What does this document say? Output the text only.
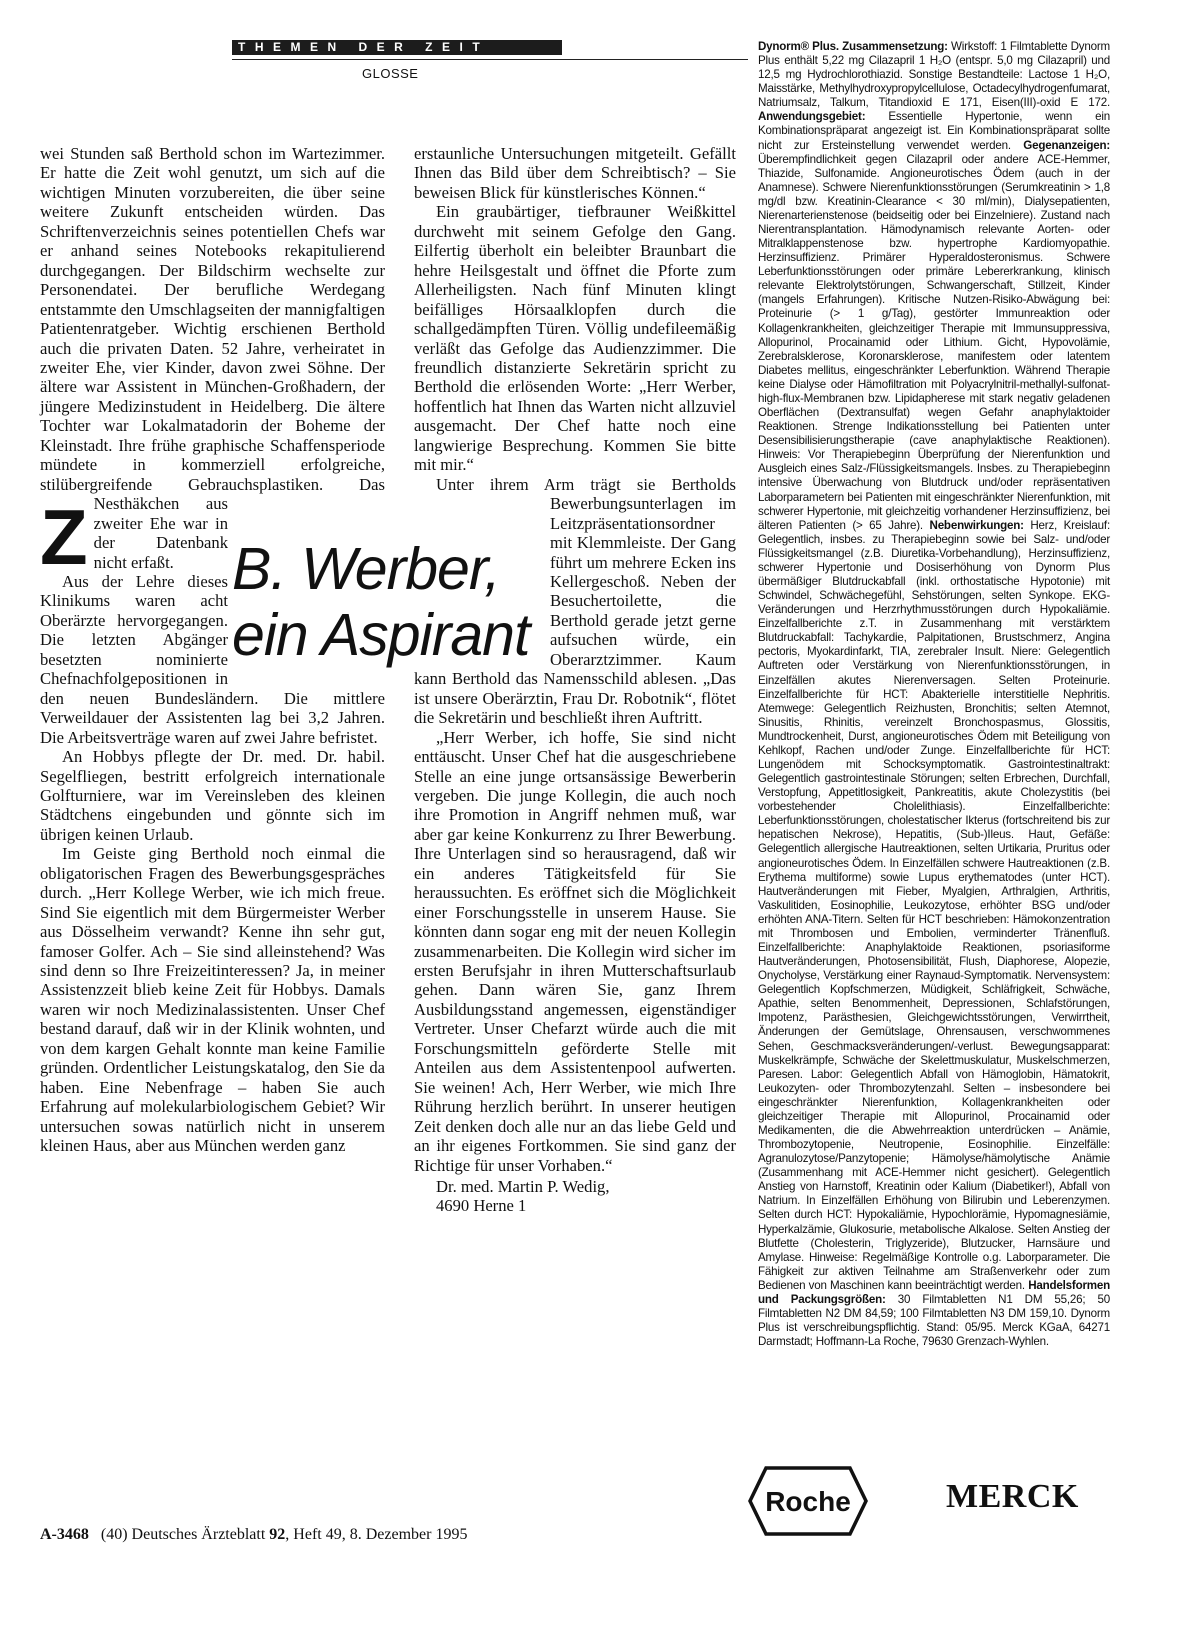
THEMEN DER ZEIT
GLOSSE

Z
wei Stunden saß Berthold schon im Wartezimmer. Er hatte die Zeit wohl genutzt, um sich auf die wichtigen Minuten vorzubereiten, die über seine weitere Zukunft entscheiden würden. Das Schriftenverzeichnis seines potentiellen Chefs war er anhand seines Notebooks rekapitulierend durchgegangen. Der Bildschirm wechselte zur Personendatei. Der berufliche Werdegang entstammte den Umschlagseiten der mannigfaltigen Patientenratgeber. Wichtig erschienen Berthold auch die privaten Daten. 52 Jahre, verheiratet in zweiter Ehe, vier Kinder, davon zwei Söhne. Der ältere war Assistent in München-Großhadern, der jüngere Medizinstudent in Heidelberg. Die ältere Tochter war Lokalmatadorin der Boheme der Kleinstadt. Ihre frühe graphische Schaffensperiode mündete in kommerziell erfolgreiche, stilübergreifende Gebrauchsplastiken. Das Nesthäkchen aus zweiter Ehe war in der Datenbank nicht erfaßt.

Aus der Lehre dieses Klinikums waren acht Oberärzte hervorgegangen. Die letzten Abgänger besetzten nominierte Chefnachfolgepositionen in den neuen Bundesländern. Die mittlere Verweildauer der Assistenten lag bei 3,2 Jahren. Die Arbeitsverträge waren auf zwei Jahre befristet.

An Hobbys pflegte der Dr. med. Dr. habil. Segelfliegen, bestritt erfolgreich internationale Golfturniere, war im Vereinsleben des kleinen Städtchens eingebunden und gönnte sich im übrigen keinen Urlaub.

Im Geiste ging Berthold noch einmal die obligatorischen Fragen des Bewerbungsgespräches durch. „Herr Kollege Werber, wie ich mich freue. Sind Sie eigentlich mit dem Bürgermeister Werber aus Dösselheim verwandt? Kenne ihn sehr gut, famoser Golfer. Ach – Sie sind alleinstehend? Was sind denn so Ihre Freizeitinteressen? Ja, in meiner Assistenzzeit blieb keine Zeit für Hobbys. Damals waren wir noch Medizinalassistenten. Unser Chef bestand darauf, daß wir in der Klinik wohnten, und von dem kargen Gehalt konnte man keine Familie gründen. Ordentlicher Leistungskatalog, den Sie da haben. Eine Nebenfrage – haben Sie auch Erfahrung auf molekularbiologischem Gebiet? Wir untersuchen sowas natürlich nicht in unserem kleinen Haus, aber aus München werden ganz

erstaunliche Untersuchungen mitgeteilt. Gefällt Ihnen das Bild über dem Schreibtisch? – Sie beweisen Blick für künstlerisches Können.“

Ein graubärtiger, tiefbrauner Weißkittel durchweht mit seinem Gefolge den Gang. Eilfertig überholt ein beleibter Braunbart die hehre Heilsgestalt und öffnet die Pforte zum Allerheiligsten. Nach fünf Minuten klingt beifälliges Hörsaalklopfen durch die schallgedämpften Türen. Völlig undefileemäßig verläßt das Gefolge das Audienzzimmer. Die freundlich distanzierte Sekretärin spricht zu Berthold die erlösenden Worte: „Herr Werber, hoffentlich hat Ihnen das Warten nicht allzuviel ausgemacht. Der Chef hatte noch eine langwierige Besprechung. Kommen Sie bitte mit mir.“

Unter ihrem Arm trägt sie Bertholds Bewerbungsunterlagen im Leitzpräsentationsordner mit Klemmleiste. Der Gang führt um mehrere Ecken ins Kellergeschoß. Neben der Besuchertoilette, die Berthold gerade jetzt gerne aufsuchen würde, ein Oberarztzimmer. Kaum kann Berthold das Namensschild ablesen. „Das ist unsere Oberärztin, Frau Dr. Robotnik“, flötet die Sekretärin und beschließt ihren Auftritt.

„Herr Werber, ich hoffe, Sie sind nicht enttäuscht. Unser Chef hat die ausgeschriebene Stelle an eine junge ortsansässige Bewerberin vergeben. Die junge Kollegin, die auch noch ihre Promotion in Angriff nehmen muß, war aber gar keine Konkurrenz zu Ihrer Bewerbung. Ihre Unterlagen sind so herausragend, daß wir ein anderes Tätigkeitsfeld für Sie heraussuchten. Es eröffnet sich die Möglichkeit einer Forschungsstelle in unserem Hause. Sie könnten dann sogar eng mit der neuen Kollegin zusammenarbeiten. Die Kollegin wird sicher im ersten Berufsjahr in ihren Mutterschaftsurlaub gehen. Dann wären Sie, ganz Ihrem Ausbildungsstand angemessen, eigenständiger Vertreter. Unser Chefarzt würde auch die mit Forschungsmitteln geförderte Stelle mit Anteilen aus dem Assistentenpool aufwerten. Sie weinen! Ach, Herr Werber, wie mich Ihre Rührung herzlich berührt. In unserer heutigen Zeit denken doch alle nur an das liebe Geld und an ihr eigenes Fortkommen. Sie sind ganz der Richtige für unser Vorhaben.“

Dr. med. Martin P. Wedig,

4690 Herne 1

B. Werber,
ein Aspirant
Dynorm® Plus. Zusammensetzung: Wirkstoff: 1 Filmtablette Dynorm Plus enthält 5,22 mg Cilazapril 1 H₂O (entspr. 5,0 mg Cilazapril) und 12,5 mg Hydrochlorothiazid. Sonstige Bestandteile: Lactose 1 H₂O, Maisstärke, Methylhydroxypropylcellulose, Octadecylhydrogenfumarat, Natriumsalz, Talkum, Titandioxid E 171, Eisen(III)-oxid E 172. Anwendungsgebiet: Essentielle Hypertonie, wenn ein Kombinationspräparat angezeigt ist. Ein Kombinationspräparat sollte nicht zur Ersteinstellung verwendet werden. Gegenanzeigen: Überempfindlichkeit gegen Cilazapril oder andere ACE-Hemmer, Thiazide, Sulfonamide. Angioneurotisches Ödem (auch in der Anamnese). Schwere Nierenfunktionsstörungen (Serumkreatinin > 1,8 mg/dl bzw. Kreatinin-Clearance < 30 ml/min), Dialysepatienten, Nierenarterienstenose (beidseitig oder bei Einzelniere). Zustand nach Nierentransplantation. Hämodynamisch relevante Aorten- oder Mitralklappenstenose bzw. hypertrophe Kardiomyopathie. Herzinsuffizienz. Primärer Hyperaldosteronismus. Schwere Leberfunktionsstörungen oder primäre Lebererkrankung, klinisch relevante Elektrolytstörungen, Schwangerschaft, Stillzeit, Kinder (mangels Erfahrungen). Kritische Nutzen-Risiko-Abwägung bei: Proteinurie (> 1 g/Tag), gestörter Immunreaktion oder Kollagenkrankheiten, gleichzeitiger Therapie mit Immunsuppressiva, Allopurinol, Procainamid oder Lithium. Gicht, Hypovolämie, Zerebralsklerose, Koronarsklerose, manifestem oder latentem Diabetes mellitus, eingeschränkter Leberfunktion. Während Therapie keine Dialyse oder Hämofiltration mit Polyacrylnitril-methallyl-sulfonat-high-flux-Membranen bzw. Lipidapherese mit stark negativ geladenen Oberflächen (Dextransulfat) wegen Gefahr anaphylaktoider Reaktionen. Strenge Indikationsstellung bei Patienten unter Desensibilisierungstherapie (cave anaphylaktische Reaktionen). Hinweis: Vor Therapiebeginn Überprüfung der Nierenfunktion und Ausgleich eines Salz-/Flüssigkeitsmangels. Insbes. zu Therapiebeginn intensive Überwachung von Blutdruck und/oder repräsentativen Laborparametern bei Patienten mit eingeschränkter Nierenfunktion, mit schwerer Hypertonie, mit gleichzeitig vorhandener Herzinsuffizienz, bei älteren Patienten (> 65 Jahre). Nebenwirkungen: Herz, Kreislauf: Gelegentlich, insbes. zu Therapiebeginn sowie bei Salz- und/oder Flüssigkeitsmangel (z.B. Diuretika-Vorbehandlung), Herzinsuffizienz, schwerer Hypertonie und Dosiserhöhung von Dynorm Plus übermäßiger Blutdruckabfall (inkl. orthostatische Hypotonie) mit Schwindel, Schwächegefühl, Sehstörungen, selten Synkope. EKG-Veränderungen und Herzrhythmusstörungen durch Hypokaliämie. Einzelfallberichte z.T. in Zusammenhang mit verstärktem Blutdruckabfall: Tachykardie, Palpitationen, Brustschmerz, Angina pectoris, Myokardinfarkt, TIA, zerebraler Insult. Niere: Gelegentlich Auftreten oder Verstärkung von Nierenfunktionsstörungen, in Einzelfällen akutes Nierenversagen. Selten Proteinurie. Einzelfallberichte für HCT: Abakterielle interstitielle Nephritis. Atemwege: Gelegentlich Reizhusten, Bronchitis; selten Atemnot, Sinusitis, Rhinitis, vereinzelt Bronchospasmus, Glossitis, Mundtrockenheit, Durst, angioneurotisches Ödem mit Beteiligung von Kehlkopf, Rachen und/oder Zunge. Einzelfallberichte für HCT: Lungenödem mit Schocksymptomatik. Gastrointestinaltrakt: Gelegentlich gastrointestinale Störungen; selten Erbrechen, Durchfall, Verstopfung, Appetitlosigkeit, Pankreatitis, akute Cholezystitis (bei vorbestehender Cholelithiasis). Einzelfallberichte: Leberfunktionsstörungen, cholestatischer Ikterus (fortschreitend bis zur hepatischen Nekrose), Hepatitis, (Sub-)Ileus. Haut, Gefäße: Gelegentlich allergische Hautreaktionen, selten Urtikaria, Pruritus oder angioneurotisches Ödem. In Einzelfällen schwere Hautreaktionen (z.B. Erythema multiforme) sowie Lupus erythematodes (unter HCT). Hautveränderungen mit Fieber, Myalgien, Arthralgien, Arthritis, Vaskulitiden, Eosinophilie, Leukozytose, erhöhter BSG und/oder erhöhten ANA-Titern. Selten für HCT beschrieben: Hämokonzentration mit Thrombosen und Embolien, verminderter Tränenfluß. Einzelfallberichte: Anaphylaktoide Reaktionen, psoriasiforme Hautveränderungen, Photosensibilität, Flush, Diaphorese, Alopezie, Onycholyse, Verstärkung einer Raynaud-Symptomatik. Nervensystem: Gelegentlich Kopfschmerzen, Müdigkeit, Schläfrigkeit, Schwäche, Apathie, selten Benommenheit, Depressionen, Schlafstörungen, Impotenz, Parästhesien, Gleichgewichtsstörungen, Verwirrtheit, Änderungen der Gemütslage, Ohrensausen, verschwommenes Sehen, Geschmacksveränderungen/-verlust. Bewegungsapparat: Muskelkrämpfe, Schwäche der Skelettmuskulatur, Muskelschmerzen, Paresen. Labor: Gelegentlich Abfall von Hämoglobin, Hämatokrit, Leukozyten- oder Thrombozytenzahl. Selten – insbesondere bei eingeschränkter Nierenfunktion, Kollagenkrankheiten oder gleichzeitiger Therapie mit Allopurinol, Procainamid oder Medikamenten, die die Abwehrreaktion unterdrücken – Anämie, Thrombozytopenie, Neutropenie, Eosinophilie. Einzelfälle: Agranulozytose/Panzytopenie; Hämolyse/hämolytische Anämie (Zusammenhang mit ACE-Hemmer nicht gesichert). Gelegentlich Anstieg von Harnstoff, Kreatinin oder Kalium (Diabetiker!), Abfall von Natrium. In Einzelfällen Erhöhung von Bilirubin und Leberenzymen. Selten durch HCT: Hypokaliämie, Hypochlorämie, Hypomagnesiämie, Hyperkalzämie, Glukosurie, metabolische Alkalose. Selten Anstieg der Blutfette (Cholesterin, Triglyzeride), Blutzucker, Harnsäure und Amylase. Hinweise: Regelmäßige Kontrolle o.g. Laborparameter. Die Fähigkeit zur aktiven Teilnahme am Straßenverkehr oder zum Bedienen von Maschinen kann beeinträchtigt werden. Handelsformen und Packungsgrößen: 30 Filmtabletten N1 DM 55,26; 50 Filmtabletten N2 DM 84,59; 100 Filmtabletten N3 DM 159,10. Dynorm Plus ist verschreibungspflichtig. Stand: 05/95. Merck KGaA, 64271 Darmstadt; Hoffmann-La Roche, 79630 Grenzach-Wyhlen.
Roche	MERCK
A-3468 (40) Deutsches Ärzteblatt 92, Heft 49, 8. Dezember 1995
